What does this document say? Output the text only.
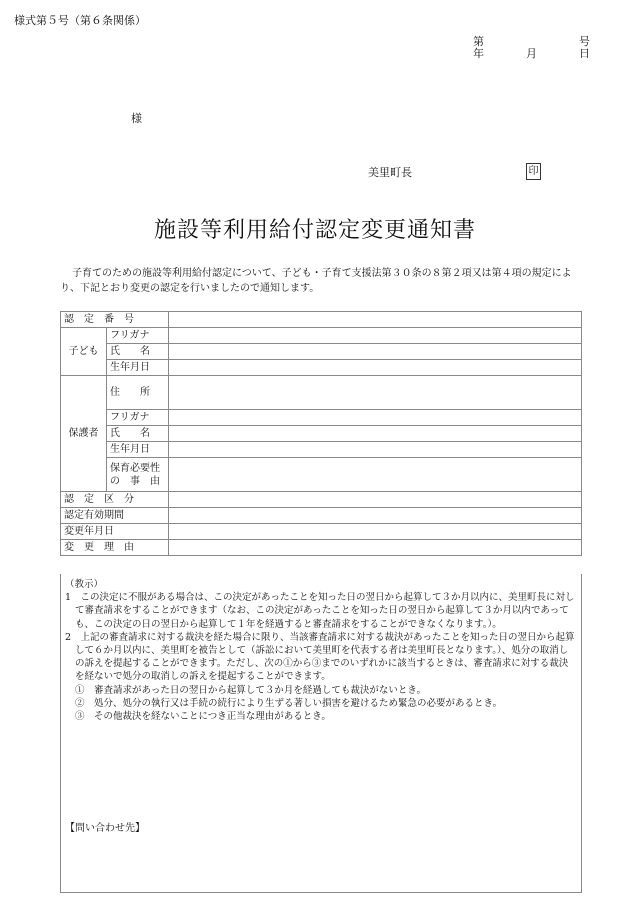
様式第５号（第６条関係）
第	号
年	月	日
様
美里町長	印
施設等利用給付認定変更通知書
子育てのための施設等利用給付認定について、子ども・子育て支援法第３０条の８第２項又は第４項の規定により、下記とおり変更の認定を行いましたので通知します。
認　定　番　号		
子ども	フリガナ	
	氏　　名	
	生年月日	
保護者	住　　所	
	フリガナ	
	氏　　名	
	生年月日	

	保育必要性
の　事　由	

認　定　区　分		
認定有効期間		
変更年月日		
変　更　理　由		

（教示）

1　この決定に不服がある場合は、この決定があったことを知った日の翌日から起算して３か月以内に、美里町長に対して審査請求をすることができます（なお、この決定があったことを知った日の翌日から起算して３か月以内であっても、この決定の日の翌日から起算して１年を経過すると審査請求をすることができなくなります。）。

2　上記の審査請求に対する裁決を経た場合に限り、当該審査請求に対する裁決があったことを知った日の翌日から起算して６か月以内に、美里町を被告として（訴訟において美里町を代表する者は美里町長となります。）、処分の取消しの訴えを提起することができます。ただし、次の①から③までのいずれかに該当するときは、審査請求に対する裁決を経ないで処分の取消しの訴えを提起することができます。

①　審査請求があった日の翌日から起算して３か月を経過しても裁決がないとき。

②　処分、処分の執行又は手続の続行により生ずる著しい損害を避けるため緊急の必要があるとき。

③　その他裁決を経ないことにつき正当な理由があるとき。

【問い合わせ先】
